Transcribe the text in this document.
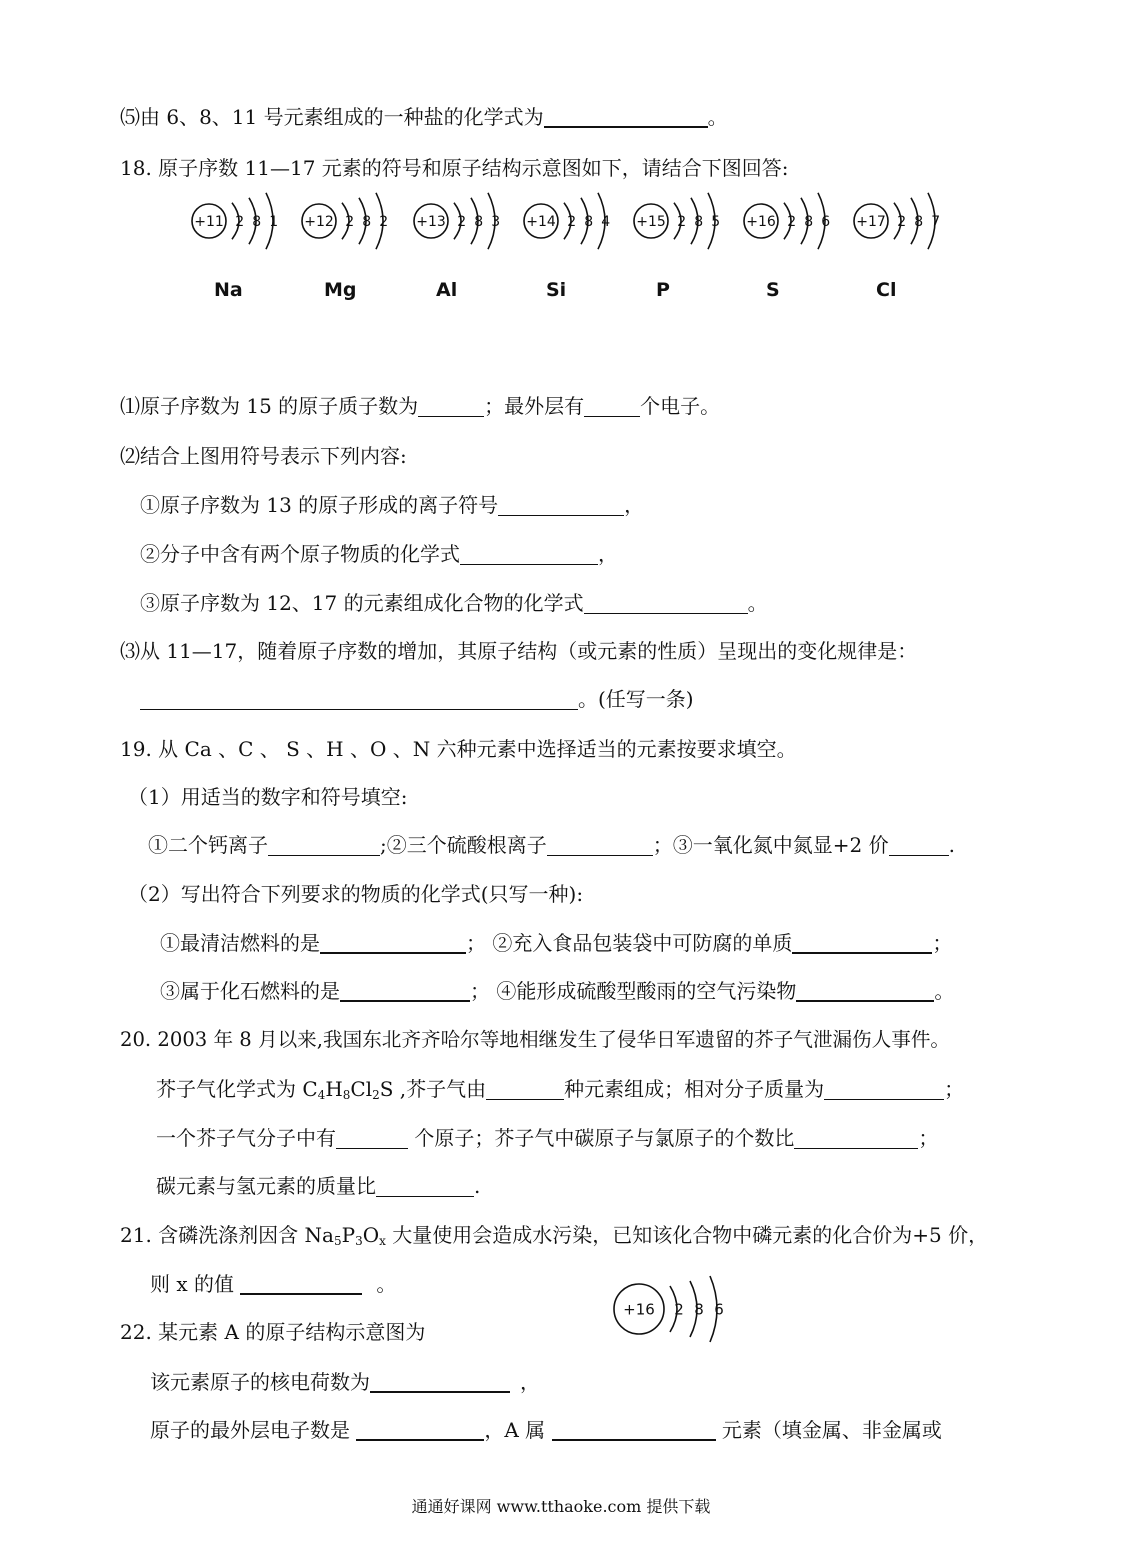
⑸由 6、8、11 号元素组成的一种盐的化学式为	。
18. 原子序数 11—17 元素的符号和原子结构示意图如下，请结合下图回答:
+11 2 8 1
Na
+12 2 8 2
Mg
+13 2 8 3
Al
+14 2 8 4
Si
+15 2 8 5
P
+16 2 8 6
S
+17 2 8 7
Cl
⑴原子序数为 15 的原子质子数为	；最外层有	个电子。
⑵结合上图用符号表示下列内容:
①原子序数为 13 的原子形成的离子符号	，
②分子中含有两个原子物质的化学式	，
③原子序数为 12、17 的元素组成化合物的化学式	。
⑶从 11—17，随着原子序数的增加，其原子结构（或元素的性质）呈现出的变化规律是：
。(任写一条)
19. 从 Ca 、C 、 S 、H 、O 、N 六种元素中选择适当的元素按要求填空。
（1）用适当的数字和符号填空:
①二个钙离子	;②三个硫酸根离子	；③一氧化氮中氮显+2 价	.
（2）写出符合下列要求的物质的化学式(只写一种):
①最清洁燃料的是	； ②充入食品包装袋中可防腐的单质	；
③属于化石燃料的是	； ④能形成硫酸型酸雨的空气污染物	。
20. 2003 年 8 月以来,我国东北齐齐哈尔等地相继发生了侵华日军遗留的芥子气泄漏伤人事件。
芥子气化学式为 $C_4H_8Cl_2S$ ,芥子气由	种元素组成；相对分子质量为	；
一个芥子气分子中有	个原子；芥子气中碳原子与氯原子的个数比	；
碳元素与氢元素的质量比	.
21. 含磷洗涤剂因含 $Na_5P_3O_x$ 大量使用会造成水污染，已知该化合物中磷元素的化合价为+5 价，
则 x 的值	。
+16 2 8 6
22. 某元素 A 的原子结构示意图为
该元素原子的核电荷数为	，
原子的最外层电子数是	，A 属	元素（填金属、非金属或
通通好课网 www.tthaoke.com 提供下载
